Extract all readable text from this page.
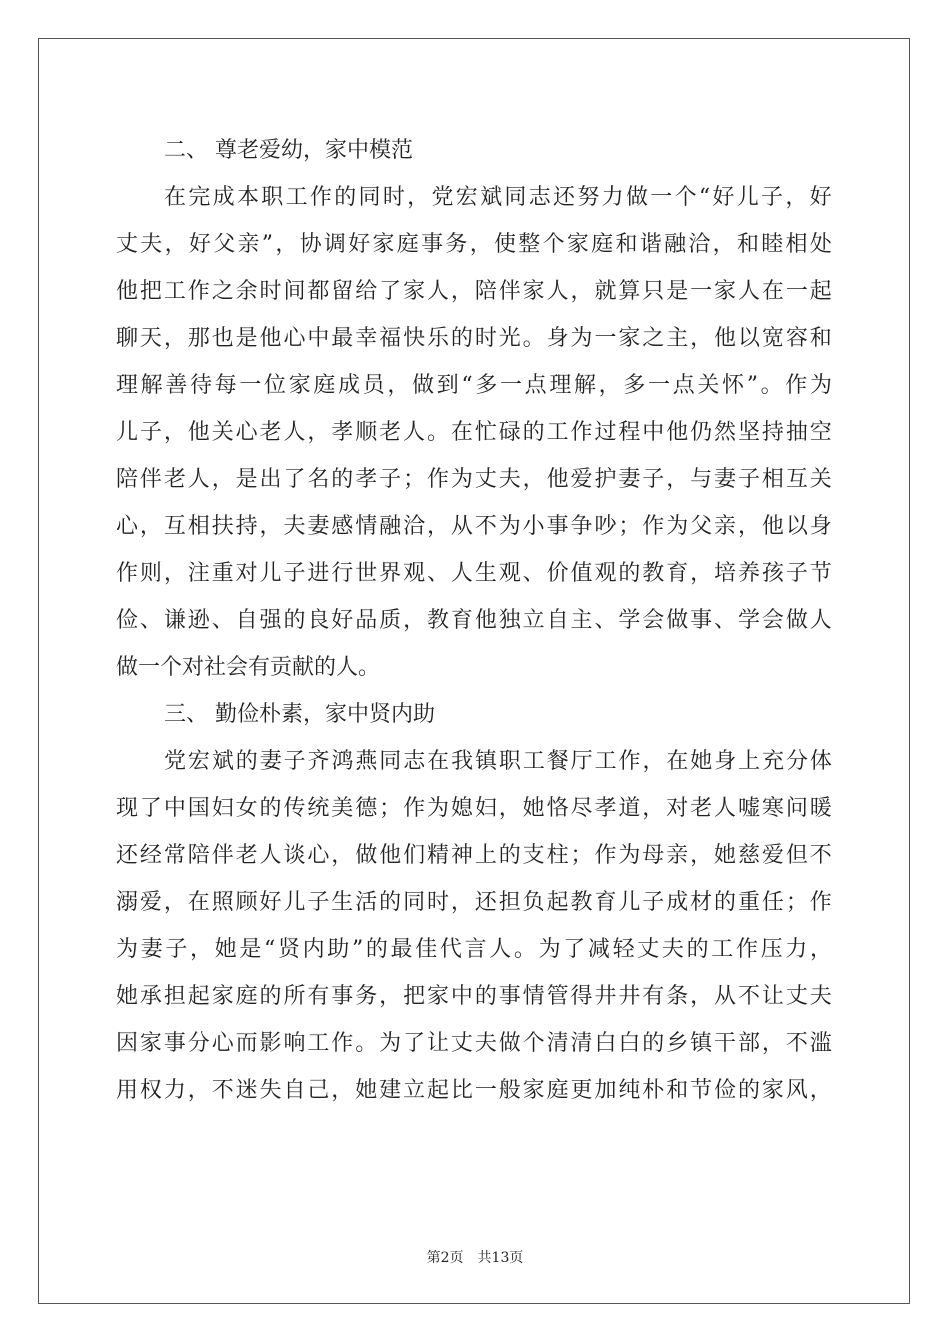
二、 尊老爱幼，家中模范
在 完 成 本 职 工 作 的 同 时 ， 党 宏 斌 同 志 还 努 力 做 一 个 “ 好 儿 子 ， 好
丈 夫 ， 好 父 亲 ” ， 协 调 好 家 庭 事 务 ， 使 整 个 家 庭 和 谐 融 洽 ， 和 睦 相 处
他 把 工 作 之 余 时 间 都 留 给 了 家 人 ， 陪 伴 家 人 ， 就 算 只 是 一 家 人 在 一 起
聊 天 ， 那 也 是 他 心 中 最 幸 福 快 乐 的 时 光 。 身 为 一 家 之 主 ， 他 以 宽 容 和
理 解 善 待 每 一 位 家 庭 成 员 ， 做 到 “ 多 一 点 理 解 ， 多 一 点 关 怀 ” 。 作 为
儿 子 ， 他 关 心 老 人 ， 孝 顺 老 人 。 在 忙 碌 的 工 作 过 程 中 他 仍 然 坚 持 抽 空
陪 伴 老 人 ， 是 出 了 名 的 孝 子 ； 作 为 丈 夫 ， 他 爱 护 妻 子 ， 与 妻 子 相 互 关
心 ， 互 相 扶 持 ， 夫 妻 感 情 融 洽 ， 从 不 为 小 事 争 吵 ； 作 为 父 亲 ， 他 以 身
作 则 ， 注 重 对 儿 子 进 行 世 界 观 、 人 生 观 、 价 值 观 的 教 育 ， 培 养 孩 子 节
俭 、 谦 逊 、 自 强 的 良 好 品 质 ， 教 育 他 独 立 自 主 、 学 会 做 事 、 学 会 做 人
做一个对社会有贡献的人。
三、 勤俭朴素，家中贤内助
党 宏 斌 的 妻 子 齐 鸿 燕 同 志 在 我 镇 职 工 餐 厅 工 作 ， 在 她 身 上 充 分 体
现 了 中 国 妇 女 的 传 统 美 德 ； 作 为 媳 妇 ， 她 恪 尽 孝 道 ， 对 老 人 嘘 寒 问 暖
还 经 常 陪 伴 老 人 谈 心 ， 做 他 们 精 神 上 的 支 柱 ； 作 为 母 亲 ， 她 慈 爱 但 不
溺 爱 ， 在 照 顾 好 儿 子 生 活 的 同 时 ， 还 担 负 起 教 育 儿 子 成 材 的 重 任 ； 作
为 妻 子 ， 她 是 “ 贤 内 助 ” 的 最 佳 代 言 人 。 为 了 减 轻 丈 夫 的 工 作 压 力 ，
她 承 担 起 家 庭 的 所 有 事 务 ， 把 家 中 的 事 情 管 得 井 井 有 条 ， 从 不 让 丈 夫
因 家 事 分 心 而 影 响 工 作 。 为 了 让 丈 夫 做 个 清 清 白 白 的 乡 镇 干 部 ， 不 滥
用 权 力 ， 不 迷 失 自 己 ， 她 建 立 起 比 一 般 家 庭 更 加 纯 朴 和 节 俭 的 家 风 ，
第2页　共13页
